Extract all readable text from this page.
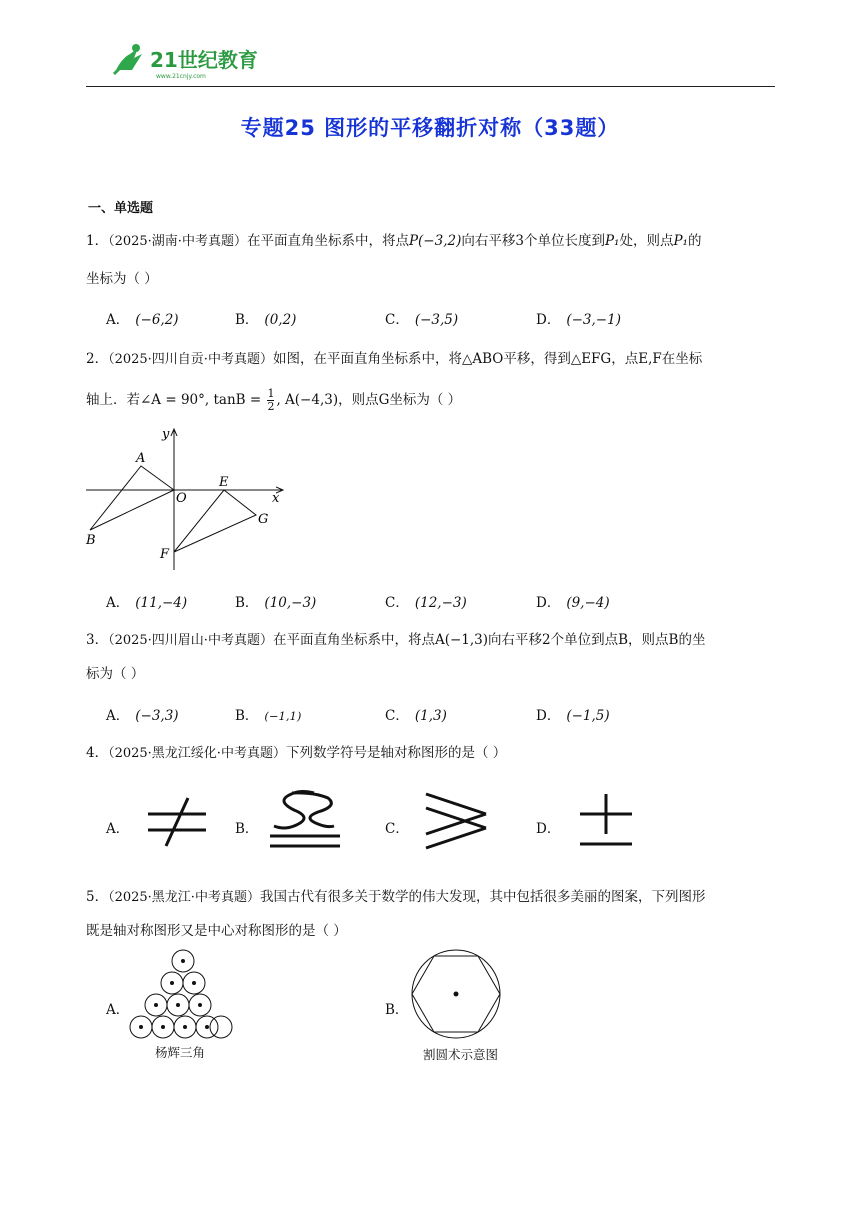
21世纪教育
www.21cnjy.com
专题25 图形的平移翻折对称（33题）
一、单选题
1．（2025·湖南·中考真题）在平面直角坐标系中，将点P(−3,2)向右平移3个单位长度到P₁处，则点P₁的
坐标为（ ）
A． (−6,2)	B． (0,2)	C． (−3,5)	D． (−3,−1)
2．（2025·四川自贡·中考真题）如图，在平面直角坐标系中，将△ABO平移，得到△EFG，点E,F在坐标
轴上．若∠A = 90°, $\tan B = \frac{1}{2}$ , A(−4,3)，则点G坐标为（ ）
y
x
A
O
E
G
B
F
A． (11,−4)	B． (10,−3)	C． (12,−3)	D． (9,−4)
3．（2025·四川眉山·中考真题）在平面直角坐标系中，将点A(−1,3)向右平移2个单位到点B，则点B的坐
标为（ ）
A． (−3,3)	B． (−1,1)	C． (1,3)	D． (−1,5)
4．（2025·黑龙江绥化·中考真题）下列数学符号是轴对称图形的是（ ）
A．	B．	C．	D．
5．（2025·黑龙江·中考真题）我国古代有很多关于数学的伟大发现，其中包括很多美丽的图案，下列图形
既是轴对称图形又是中心对称图形的是（ ）
A．
杨辉三角
B．
割圆术示意图
